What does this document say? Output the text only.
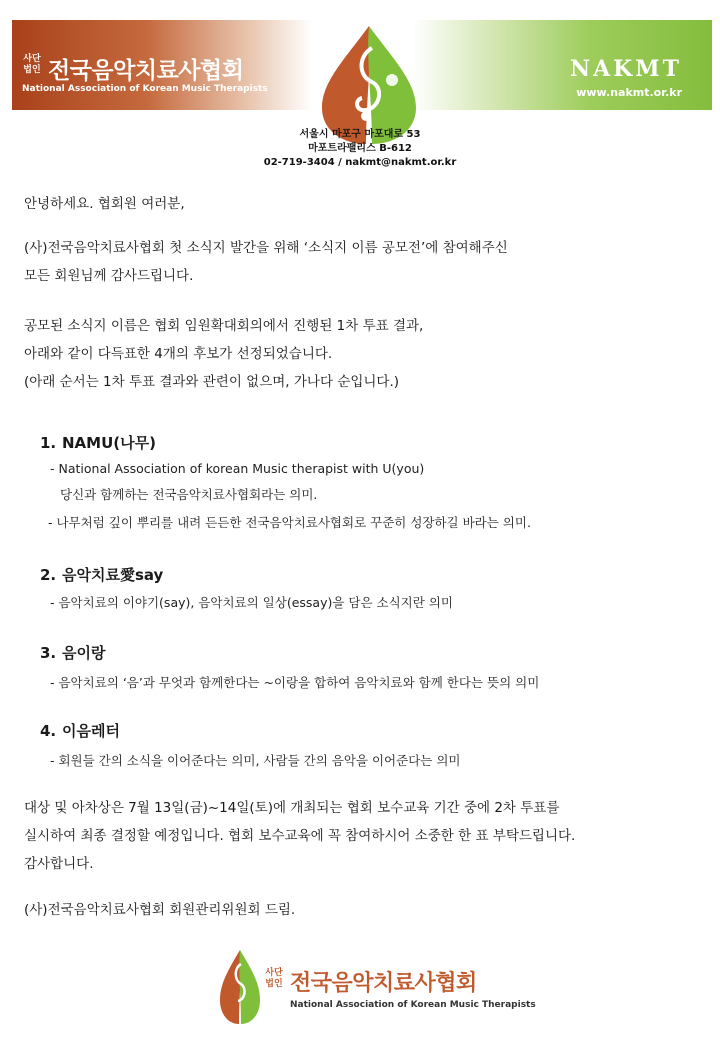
사단
법인 전국음악치료사협회
National Association of Korean Music Therapists
NAKMT
www.nakmt.or.kr
서울시 마포구 마포대로 53
마포트라팰리스 B-612
02-719-3404 / nakmt@nakmt.or.kr
안녕하세요. 협회원 여러분,
(사)전국음악치료사협회 첫 소식지 발간을 위해 ‘소식지 이름 공모전’에 참여해주신
모든 회원님께 감사드립니다.
공모된 소식지 이름은 협회 임원확대회의에서 진행된 1차 투표 결과,
아래와 같이 다득표한 4개의 후보가 선정되었습니다.
(아래 순서는 1차 투표 결과와 관련이 없으며, 가나다 순입니다.)
1. NAMU(나무)
- National Association of korean Music therapist with U(you)
당신과 함께하는 전국음악치료사협회라는 의미.
- 나무처럼 깊이 뿌리를 내려 든든한 전국음악치료사협회로 꾸준히 성장하길 바라는 의미.
2. 음악치료愛say
- 음악치료의 이야기(say), 음악치료의 일상(essay)을 담은 소식지란 의미
3. 음이랑
- 음악치료의 ‘음’과 무엇과 함께한다는 ~이랑을 합하여 음악치료와 함께 한다는 뜻의 의미
4. 이음레터
- 회원들 간의 소식을 이어준다는 의미, 사람들 간의 음악을 이어준다는 의미
대상 및 아차상은 7월 13일(금)~14일(토)에 개최되는 협회 보수교육 기간 중에 2차 투표를
실시하여 최종 결정할 예정입니다. 협회 보수교육에 꼭 참여하시어 소중한 한 표 부탁드립니다.
감사합니다.
(사)전국음악치료사협회 회원관리위원회 드림.
사단
법인 전국음악치료사협회
National Association of Korean Music Therapists
